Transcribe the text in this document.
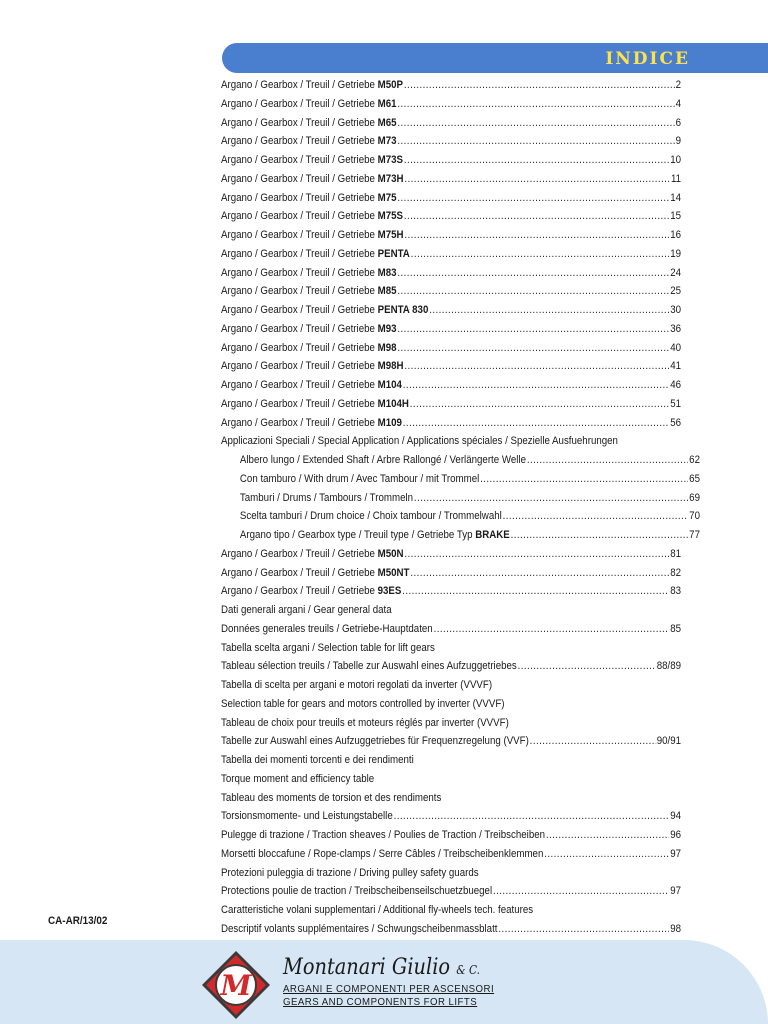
INDICE
Argano / Gearbox / Treuil / Getriebe M50P .....	2
Argano / Gearbox / Treuil / Getriebe M61 .....	4
Argano / Gearbox / Treuil / Getriebe M65 .....	6
Argano / Gearbox / Treuil / Getriebe M73 .....	9
Argano / Gearbox / Treuil / Getriebe M73S .....	10
Argano / Gearbox / Treuil / Getriebe M73H .....	11
Argano / Gearbox / Treuil / Getriebe M75 .....	14
Argano / Gearbox / Treuil / Getriebe M75S .....	15
Argano / Gearbox / Treuil / Getriebe M75H .....	16
Argano / Gearbox / Treuil / Getriebe PENTA .....	19
Argano / Gearbox / Treuil / Getriebe M83 .....	24
Argano / Gearbox / Treuil / Getriebe M85 .....	25
Argano / Gearbox / Treuil / Getriebe PENTA 830 .....	30
Argano / Gearbox / Treuil / Getriebe M93 .....	36
Argano / Gearbox / Treuil / Getriebe M98 .....	40
Argano / Gearbox / Treuil / Getriebe M98H .....	41
Argano / Gearbox / Treuil / Getriebe M104 .....	46
Argano / Gearbox / Treuil / Getriebe M104H .....	51
Argano / Gearbox / Treuil / Getriebe M109 .....	56
Applicazioni Speciali / Special Application / Applications spéciales / Spezielle Ausfuehrungen
Albero lungo / Extended Shaft / Arbre Rallongé / Verlängerte Welle .....	62
Con tamburo / With drum / Avec Tambour / mit Trommel .....	65
Tamburi / Drums / Tambours / Trommeln .....	69
Scelta tamburi / Drum choice / Choix tambour / Trommelwahl .....	70
Argano tipo / Gearbox type / Treuil type / Getriebe Typ BRAKE .....	77
Argano / Gearbox / Treuil / Getriebe M50N .....	81
Argano / Gearbox / Treuil / Getriebe M50NT .....	82
Argano / Gearbox / Treuil / Getriebe 93ES .....	83
Dati generali argani / Gear general data
Données generales treuils / Getriebe-Hauptdaten .....	85
Tabella scelta argani / Selection table for lift gears
Tableau sélection treuils / Tabelle zur Auswahl eines Aufzuggetriebes .....	88/89
Tabella di scelta per argani e motori regolati da inverter (VVVF)
Selection table for gears and motors controlled by inverter (VVVF)
Tableau de choix pour treuils et moteurs réglés par inverter (VVVF)
Tabelle zur Auswahl eines Aufzuggetriebes für Frequenzregelung (VVF) .....	90/91
Tabella dei momenti torcenti e dei rendimenti
Torque moment and efficiency table
Tableau des moments de torsion et des rendiments
Torsionsmomente- und Leistungstabelle .....	94
Pulegge di trazione / Traction sheaves / Poulies de Traction / Treibscheiben .....	96
Morsetti bloccafune / Rope-clamps / Serre Câbles / Treibscheibenklemmen .....	97
Protezioni puleggia di trazione / Driving pulley safety guards
Protections poulie de traction / Treibscheibenseilschuetzbuegel .....	97
Caratteristiche volani supplementari / Additional fly-wheels tech. features
Descriptif volants supplémentaires / Schwungscheibenmassblatt .....	98
CA-AR/13/02
M
Montanari Giulio & C.
ARGANI E COMPONENTI PER ASCENSORI
GEARS AND COMPONENTS FOR LIFTS
